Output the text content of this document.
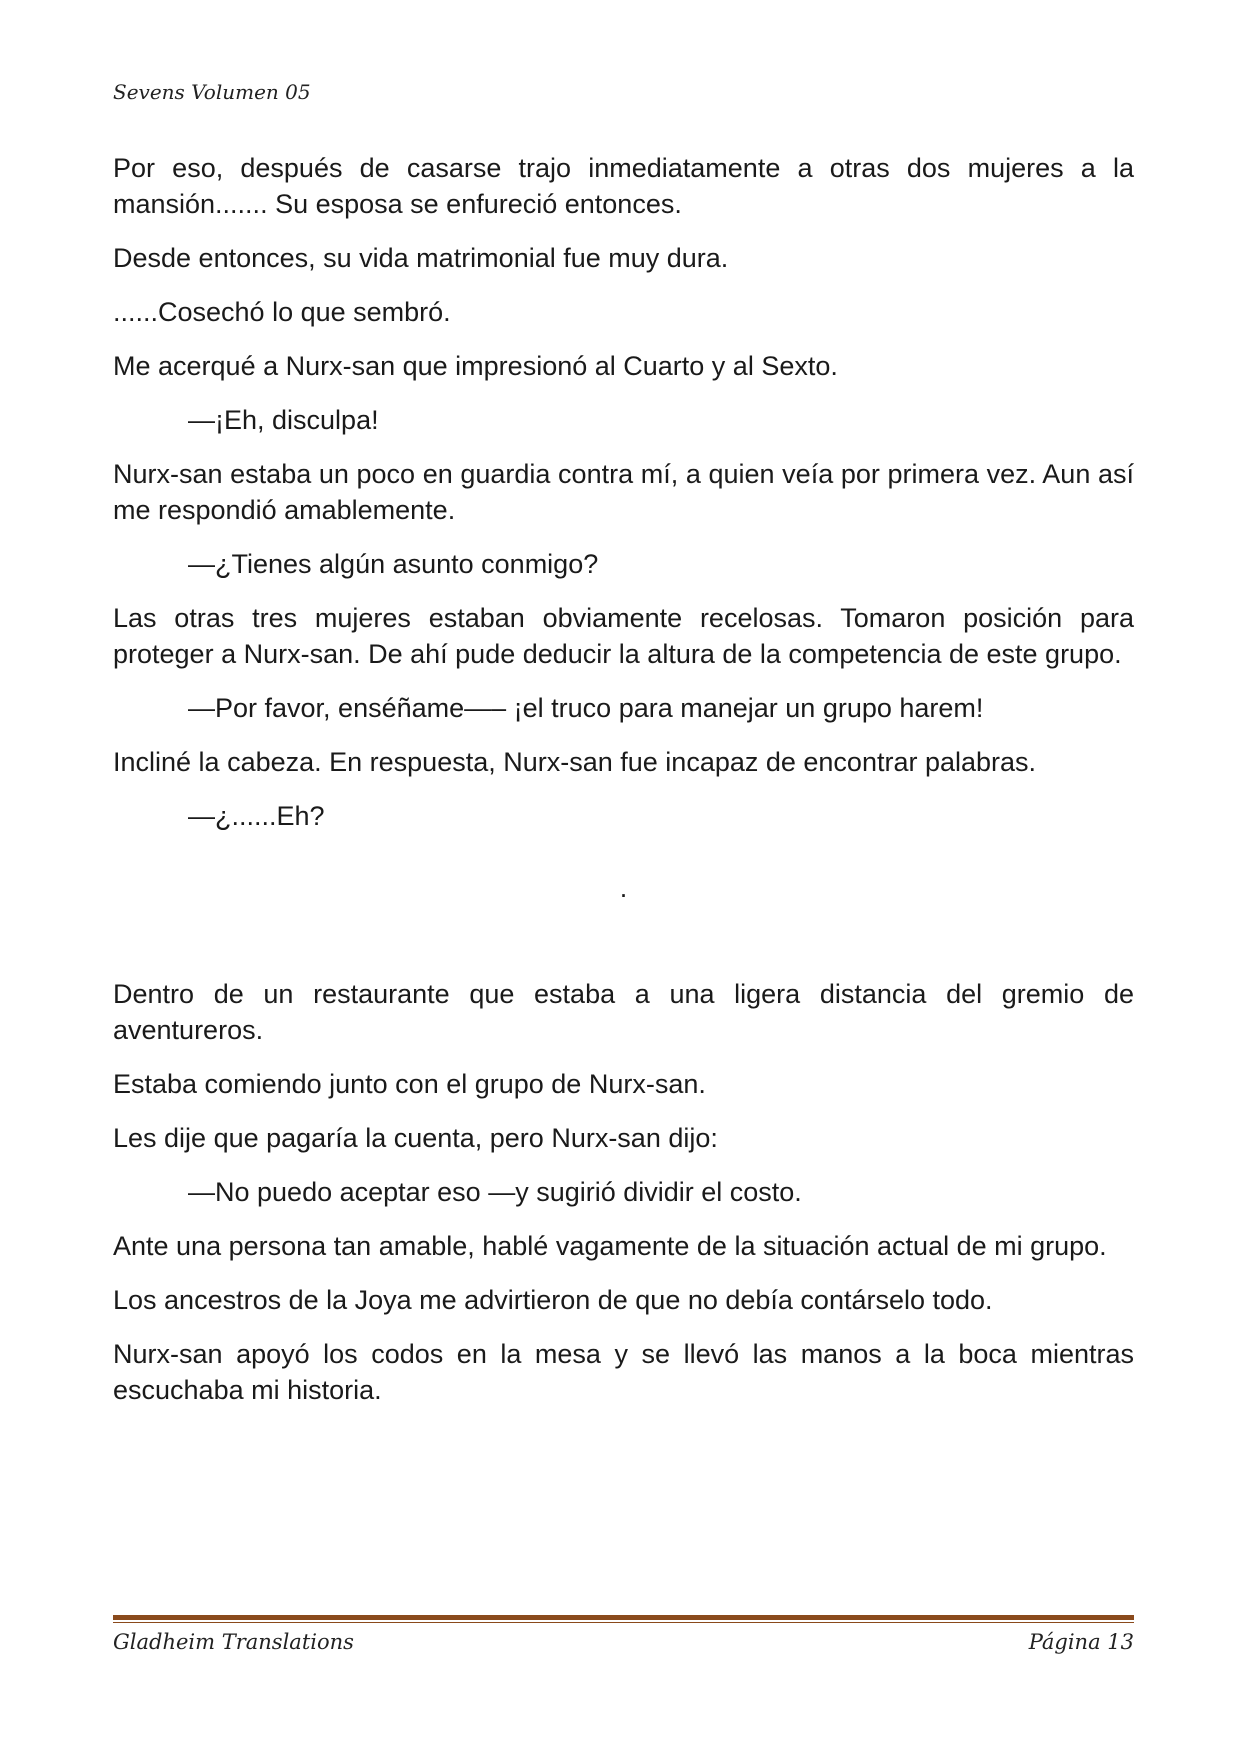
Sevens Volumen 05

Por eso, después de casarse trajo inmediatamente a otras dos mujeres a la mansión....... Su esposa se enfureció entonces.

Desde entonces, su vida matrimonial fue muy dura.

......Cosechó lo que sembró.

Me acerqué a Nurx-san que impresionó al Cuarto y al Sexto.

—¡Eh, disculpa!

Nurx-san estaba un poco en guardia contra mí, a quien veía por primera vez. Aun así me respondió amablemente.

—¿Tienes algún asunto conmigo?

Las otras tres mujeres estaban obviamente recelosas. Tomaron posición para proteger a Nurx-san. De ahí pude deducir la altura de la competencia de este grupo.

—Por favor, enséñame—– ¡el truco para manejar un grupo harem!

Incliné la cabeza. En respuesta, Nurx-san fue incapaz de encontrar palabras.

—¿......Eh?

.

Dentro de un restaurante que estaba a una ligera distancia del gremio de aventureros.

Estaba comiendo junto con el grupo de Nurx-san.

Les dije que pagaría la cuenta, pero Nurx-san dijo:

—No puedo aceptar eso —y sugirió dividir el costo.

Ante una persona tan amable, hablé vagamente de la situación actual de mi grupo.

Los ancestros de la Joya me advirtieron de que no debía contárselo todo.

Nurx-san apoyó los codos en la mesa y se llevó las manos a la boca mientras escuchaba mi historia.

Gladheim Translations	Página 13
